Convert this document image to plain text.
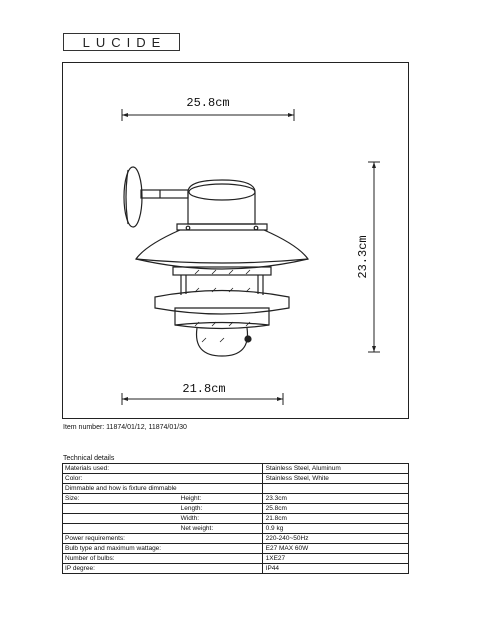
LUCIDE
25.8cm
23.3cm
21.8cm
Item number: 11874/01/12, 11874/01/30
Technical details
Materials used:		Stainless Steel, Aluminum
Color:		Stainless Steel, White
Dimmable and how is fixture dimmable		
Size:	Height:	23.3cm
	Length:	25.8cm
	Width:	21.8cm
	Net weight:	0.9 kg
Power requirements:		220-240~50Hz
Bulb type and maximum wattage:		E27 MAX 60W
Number of bulbs:		1XE27
IP degree:		IP44
